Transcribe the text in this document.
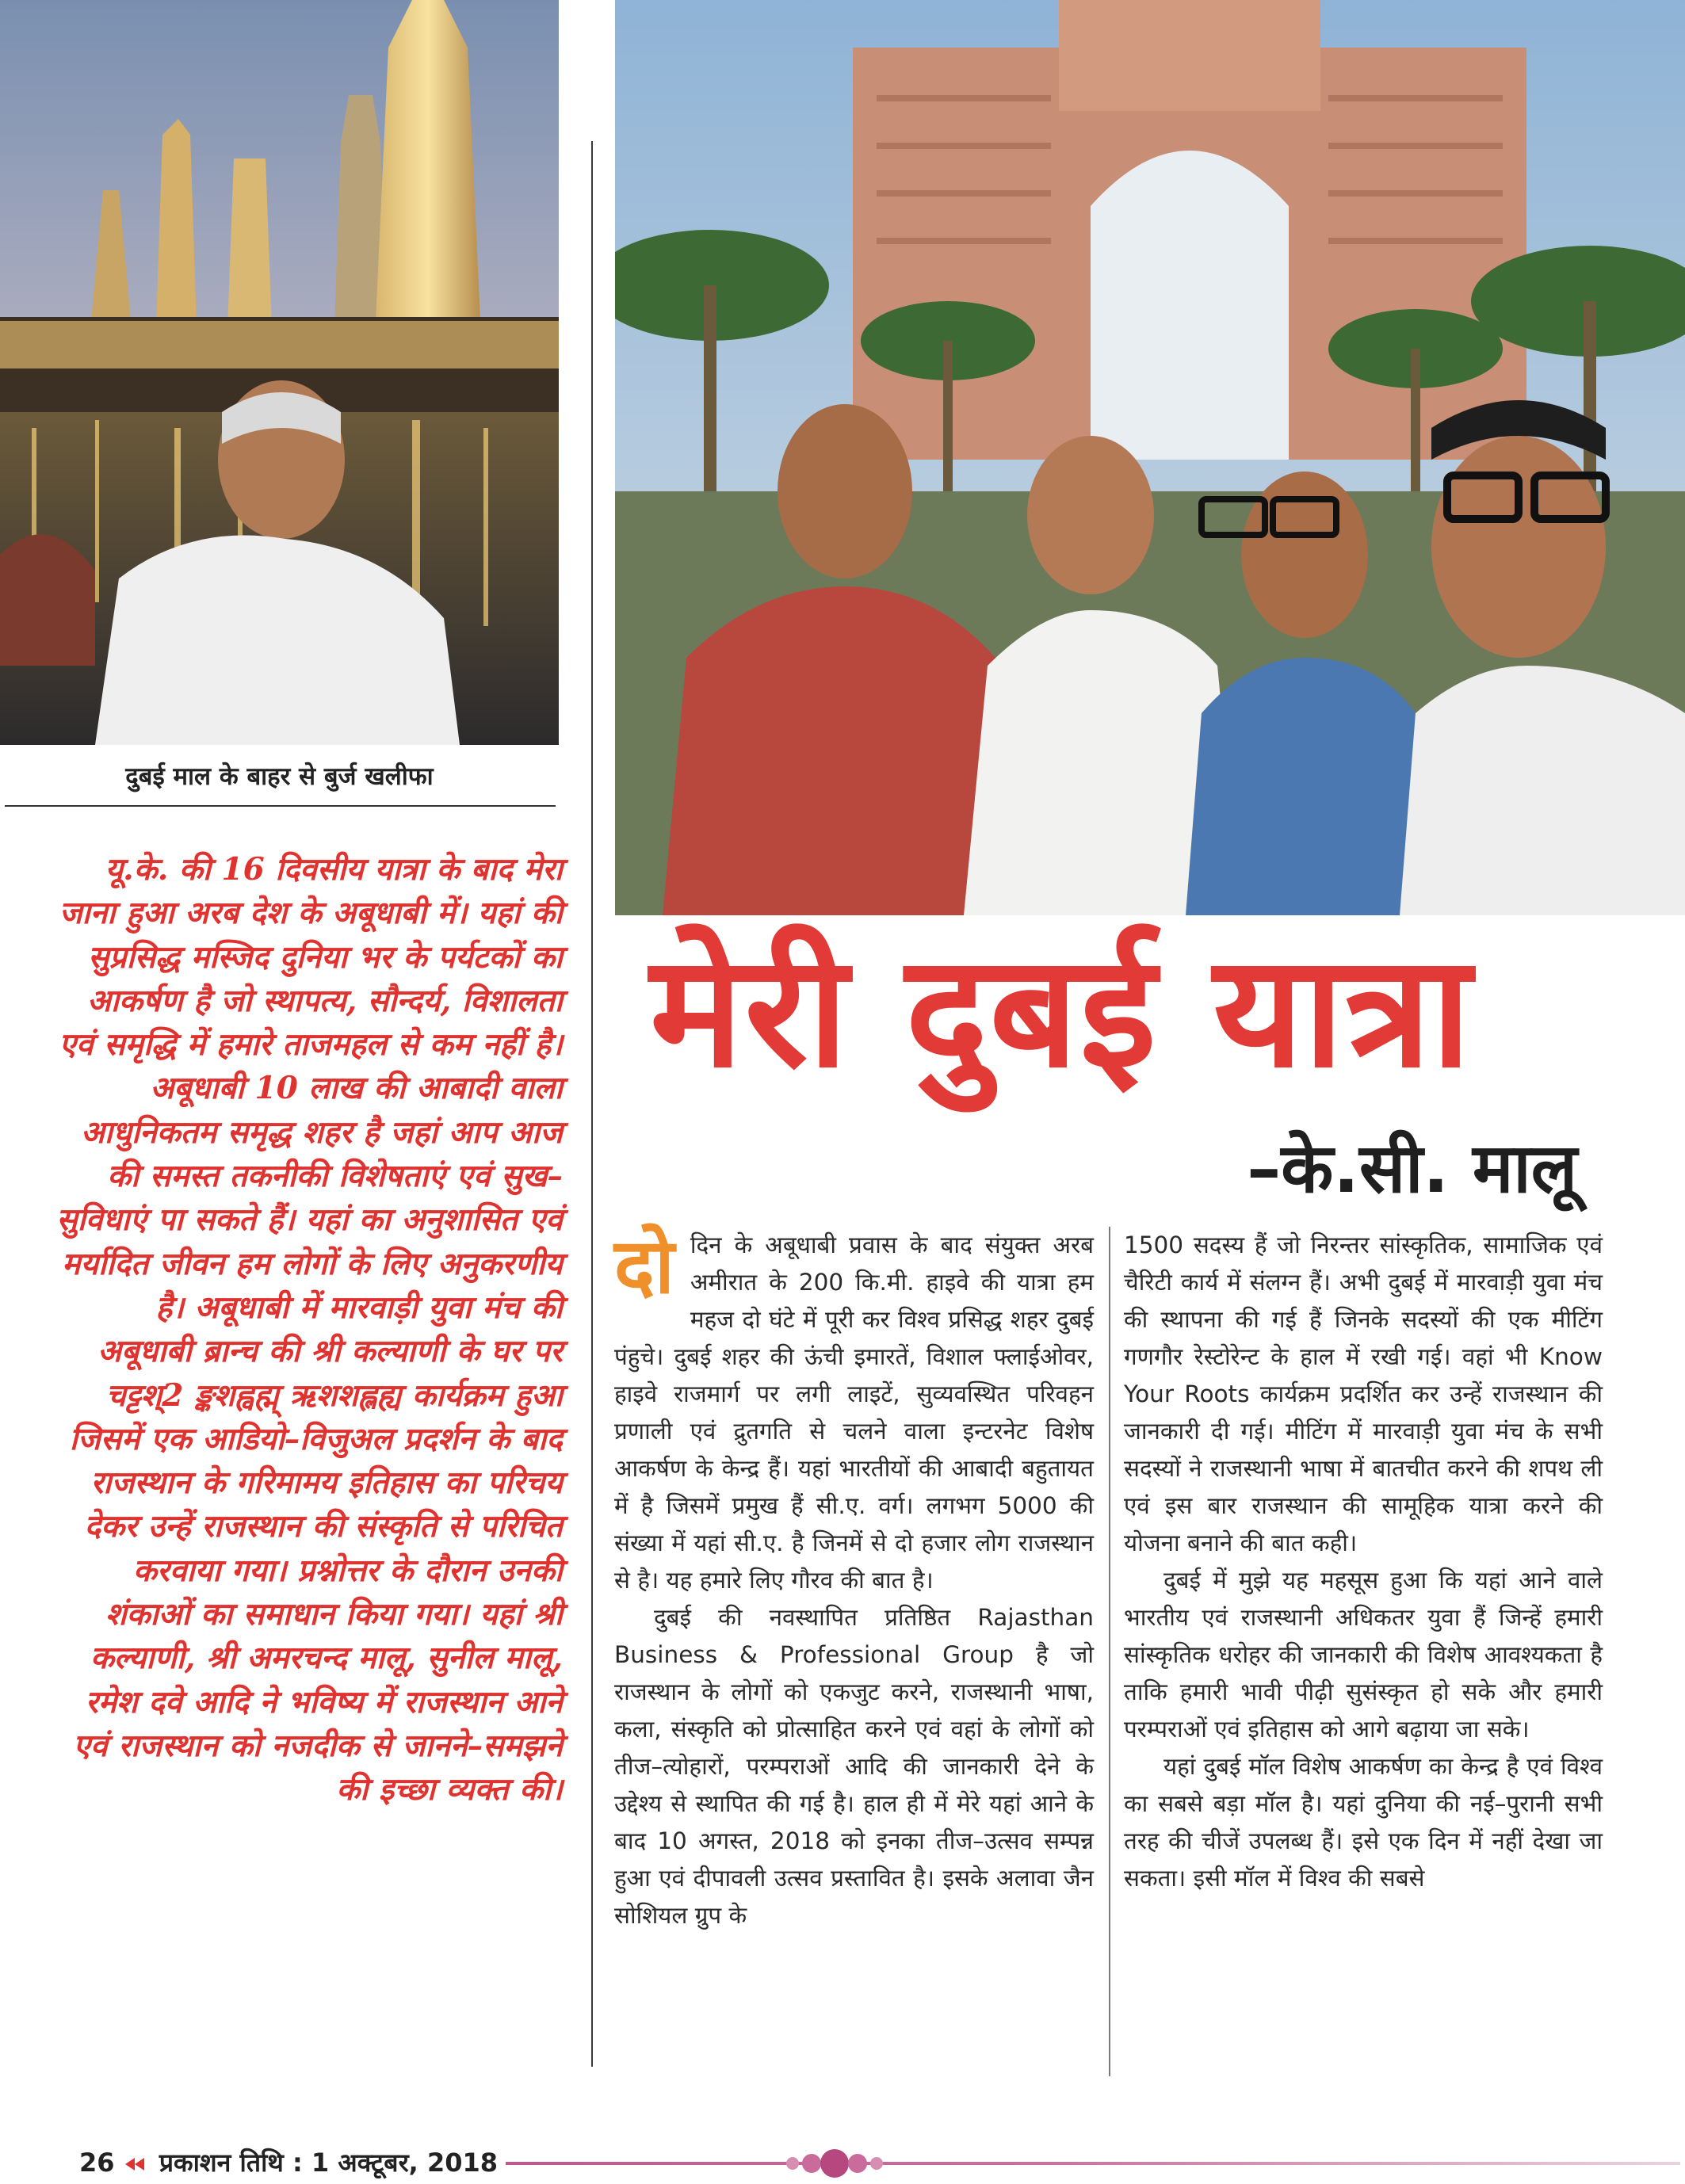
दुबई माल के बाहर से बुर्ज खलीफा

यू.के. की 16 दिवसीय यात्रा के बाद मेरा जाना हुआ अरब देश के अबूधाबी में। यहां की सुप्रसिद्ध मस्जिद दुनिया भर के पर्यटकों का आकर्षण है जो स्थापत्य, सौन्दर्य, विशालता एवं समृद्धि में हमारे ताजमहल से कम नहीं है। अबूधाबी 10 लाख की आबादी वाला आधुनिकतम समृद्ध शहर है जहां आप आज की समस्त तकनीकी विशेषताएं एवं सुख–सुविधाएं पा सकते हैं। यहां का अनुशासित एवं मर्यादित जीवन हम लोगों के लिए अनुकरणीय है। अबूधाबी में मारवाड़ी युवा मंच की अबूधाबी ब्रान्च की श्री कल्याणी के घर पर चट्टश्2 ङ्कशह्वह्म् ऋशशह्लह्य कार्यक्रम हुआ जिसमें एक आडियो–विजुअल प्रदर्शन के बाद राजस्थान के गरिमामय इतिहास का परिचय देकर उन्हें राजस्थान की संस्कृति से परिचित करवाया गया। प्रश्नोत्तर के दौरान उनकी शंकाओं का समाधान किया गया। यहां श्री कल्याणी, श्री अमरचन्द मालू, सुनील मालू, रमेश दवे आदि ने भविष्य में राजस्थान आने एवं राजस्थान को नजदीक से जानने–समझने की इच्छा व्यक्त की।

मेरी दुबई यात्रा
–के.सी. मालू

दोदिन के अबूधाबी प्रवास के बाद संयुक्त अरब अमीरात के 200 कि.मी. हाइवे की यात्रा हम महज दो घंटे में पूरी कर विश्व प्रसिद्ध शहर दुबई पंहुचे। दुबई शहर की ऊंची इमारतें, विशाल फ्लाईओवर, हाइवे राजमार्ग पर लगी लाइटें, सुव्यवस्थित परिवहन प्रणाली एवं द्रुतगति से चलने वाला इन्टरनेट विशेष आकर्षण के केन्द्र हैं। यहां भारतीयों की आबादी बहुतायत में है जिसमें प्रमुख हैं सी.ए. वर्ग। लगभग 5000 की संख्या में यहां सी.ए. है जिनमें से दो हजार लोग राजस्थान से है। यह हमारे लिए गौरव की बात है।

दुबई की नवस्थापित प्रतिष्ठित Rajasthan Business & Professional Group है जो राजस्थान के लोगों को एकजुट करने, राजस्थानी भाषा, कला, संस्कृति को प्रोत्साहित करने एवं वहां के लोगों को तीज–त्योहारों, परम्पराओं आदि की जानकारी देने के उद्देश्य से स्थापित की गई है। हाल ही में मेरे यहां आने के बाद 10 अगस्त, 2018 को इनका तीज–उत्सव सम्पन्न हुआ एवं दीपावली उत्सव प्रस्तावित है। इसके अलावा जैन सोशियल ग्रुप के

1500 सदस्य हैं जो निरन्तर सांस्कृतिक, सामाजिक एवं चैरिटी कार्य में संलग्न हैं। अभी दुबई में मारवाड़ी युवा मंच की स्थापना की गई हैं जिनके सदस्यों की एक मीटिंग गणगौर रेस्टोरेन्ट के हाल में रखी गई। वहां भी Know Your Roots कार्यक्रम प्रदर्शित कर उन्हें राजस्थान की जानकारी दी गई। मीटिंग में मारवाड़ी युवा मंच के सभी सदस्यों ने राजस्थानी भाषा में बातचीत करने की शपथ ली एवं इस बार राजस्थान की सामूहिक यात्रा करने की योजना बनाने की बात कही।

दुबई में मुझे यह महसूस हुआ कि यहां आने वाले भारतीय एवं राजस्थानी अधिकतर युवा हैं जिन्हें हमारी सांस्कृतिक धरोहर की जानकारी की विशेष आवश्यकता है ताकि हमारी भावी पीढ़ी सुसंस्कृत हो सके और हमारी परम्पराओं एवं इतिहास को आगे बढ़ाया जा सके।

यहां दुबई मॉल विशेष आकर्षण का केन्द्र है एवं विश्व का सबसे बड़ा मॉल है। यहां दुनिया की नई–पुरानी सभी तरह की चीजें उपलब्ध हैं। इसे एक दिन में नहीं देखा जा सकता। इसी मॉल में विश्व की सबसे

26 प्रकाशन तिथि : 1 अक्टूबर, 2018
